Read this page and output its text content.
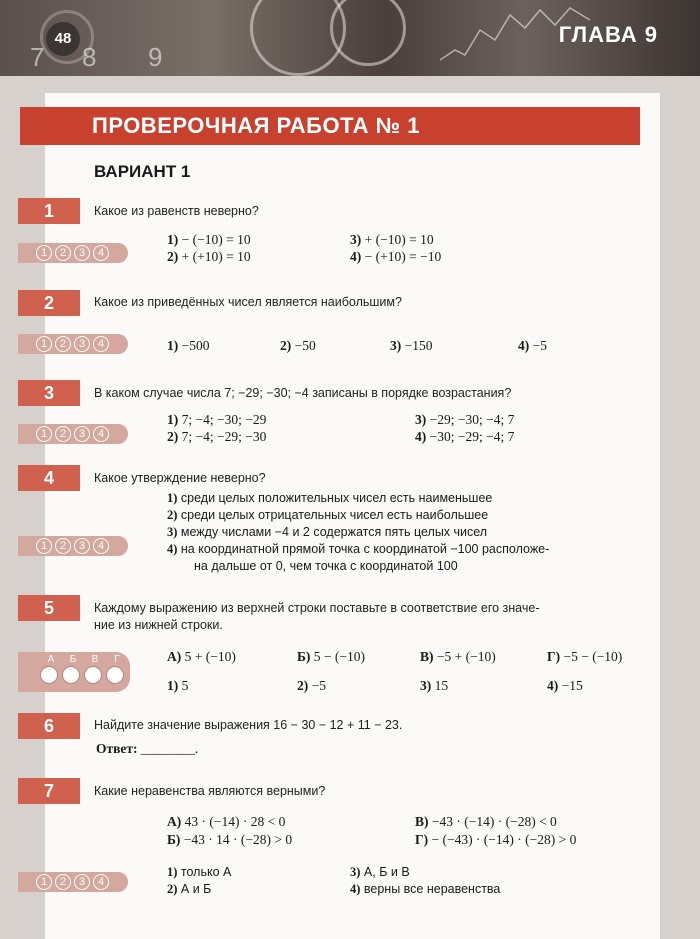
7 8 9
48	ГЛАВА 9
ПРОВЕРОЧНАЯ РАБОТА № 1
ВАРИАНТ 1
1	Какое из равенств неверно?
1	2	3	4
1) − (−10) = 10
2) + (+10) = 10
3) + (−10) = 10
4) − (+10) = −10
2	Какое из приведённых чисел является наибольшим?
1	2	3	4	1) −500	2) −50	3) −150	4) −5
3	В каком случае числа 7; −29; −30; −4 записаны в порядке возрастания?
1	2	3	4
1) 7; −4; −30; −29
2) 7; −4; −29; −30
3) −29; −30; −4; 7
4) −30; −29; −4; 7
4	Какое утверждение неверно?
1	2	3	4
1) среди целых положительных чисел есть наименьшее
2) среди целых отрицательных чисел есть наибольшее
3) между числами −4 и 2 содержатся пять целых чисел
4) на координатной прямой точка с координатой −100 расположе-
на дальше от 0, чем точка с координатой 100
5	Каждому выражению из верхней строки поставьте в соответствие его значе-
ние из нижней строки.
А	Б	В	Г	А) 5 + (−10)	Б) 5 − (−10)	В) −5 + (−10)	Г) −5 − (−10)
1) 5	2) −5	3) 15	4) −15
6	Найдите значение выражения 16 − 30 − 12 + 11 − 23.
Ответ: ________.
7	Какие неравенства являются верными?
А) 43 · (−14) · 28 < 0
Б) −43 · 14 · (−28) > 0
В) −43 · (−14) · (−28) < 0
Г) − (−43) · (−14) · (−28) > 0
1	2	3	4
1) только А
2) А и Б
3) А, Б и В
4) верны все неравенства
